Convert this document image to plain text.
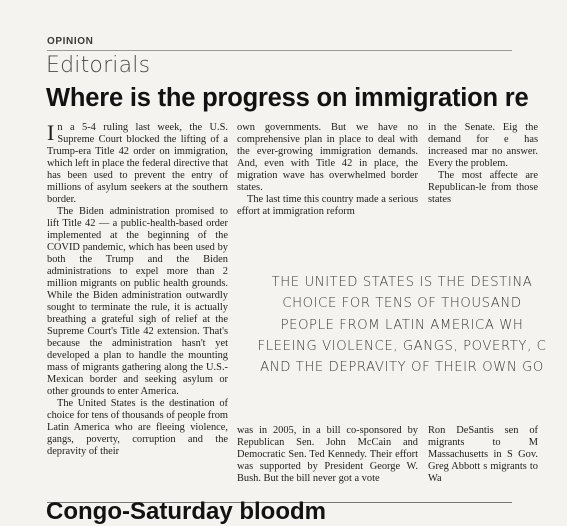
OPINION

Editorials
Where is the progress on immigration re

In a 5-4 ruling last week, the U.S. Supreme Court blocked the lifting of a Trump-era Title 42 order on immigration, which left in place the federal directive that has been used to prevent the entry of millions of asylum seekers at the southern border.

The Biden administration promised to lift Title 42 — a public-health-based order implemented at the beginning of the COVID pandemic, which has been used by both the Trump and the Biden administrations to expel more than 2 million migrants on public health grounds. While the Biden administration outwardly sought to terminate the rule, it is actually breathing a grateful sigh of relief at the Supreme Court's Title 42 extension. That's because the administration hasn't yet developed a plan to handle the mounting mass of migrants gathering along the U.S.-Mexican border and seeking asylum or other grounds to enter America.

The United States is the destination of choice for tens of thousands of people from Latin America who are fleeing violence, gangs, poverty, corruption and the depravity of their

own governments. But we have no comprehensive plan in place to deal with the ever-growing immigration demands. And, even with Title 42 in place, the migration wave has overwhelmed border states.

The last time this country made a serious effort at immigration reform

in the Senate. Eig the demand for e has increased mar no answer. Every the problem.

The most affecte are Republican-le from those states

THE UNITED STATES IS THE DESTINA
CHOICE FOR TENS OF THOUSAND
PEOPLE FROM LATIN AMERICA WH
FLEEING VIOLENCE, GANGS, POVERTY, C
AND THE DEPRAVITY OF THEIR OWN GO

was in 2005, in a bill co-sponsored by Republican Sen. John McCain and Democratic Sen. Ted Kennedy. Their effort was supported by President George W. Bush. But the bill never got a vote

Ron DeSantis sen of migrants to M Massachusetts in S Gov. Greg Abbott s migrants to Wa

Congo-Saturday bloodm
